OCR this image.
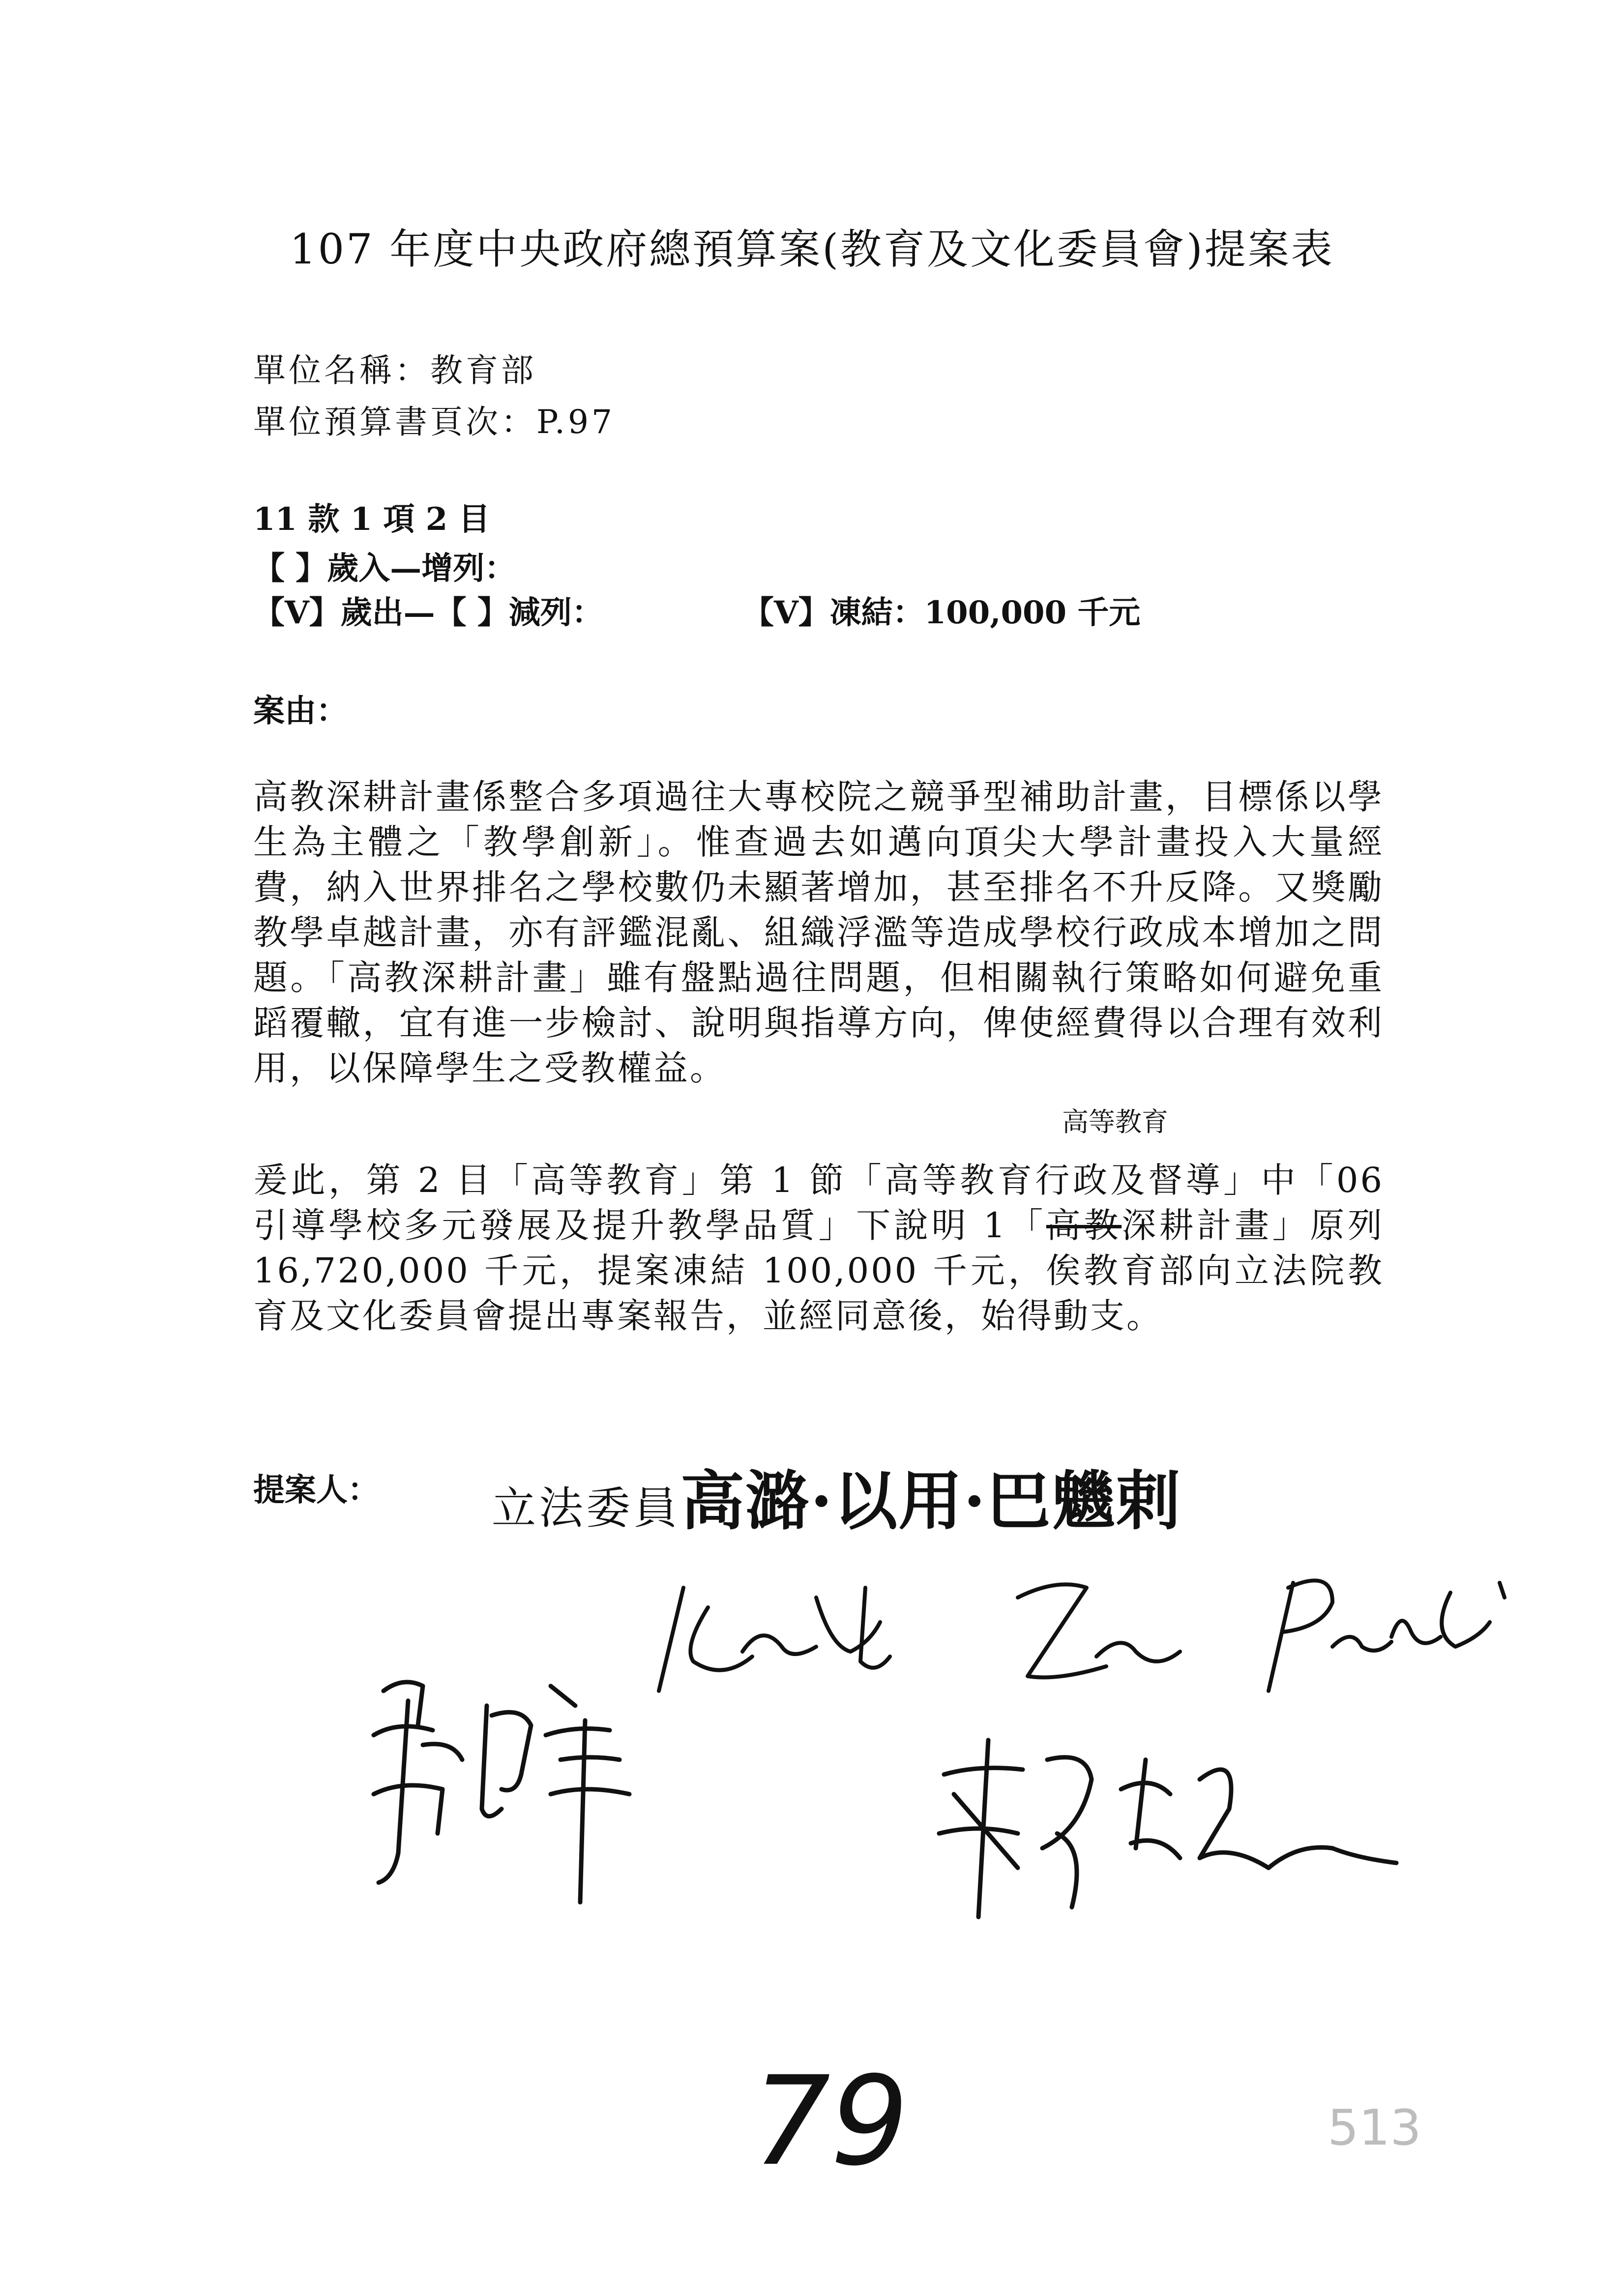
107 年度中央政府總預算案(教育及文化委員會)提案表
單位名稱：教育部
單位預算書頁次：P.97
11 款 1 項 2 目
【 】歲入—增列：
【V】歲出—【 】減列：	【V】凍結：100,000 千元
案由：
高教深耕計畫係整合多項過往大專校院之競爭型補助計畫，目標係以學生為主體之「教學創新」。惟查過去如邁向頂尖大學計畫投入大量經費，納入世界排名之學校數仍未顯著增加，甚至排名不升反降。又獎勵教學卓越計畫，亦有評鑑混亂、組織浮濫等造成學校行政成本增加之問題。「高教深耕計畫」雖有盤點過往問題，但相關執行策略如何避免重蹈覆轍，宜有進一步檢討、說明與指導方向，俾使經費得以合理有效利用，以保障學生之受教權益。
高等教育
爰此，第 2 目「高等教育」第 1 節「高等教育行政及督導」中「06 引導學校多元發展及提升教學品質」下說明 1「高教深耕計畫」原列 16,720,000 千元，提案凍結 100,000 千元，俟教育部向立法院教育及文化委員會提出專案報告，並經同意後，始得動支。
提案人：	立法委員高潞·以用·巴魕剌
79	513
